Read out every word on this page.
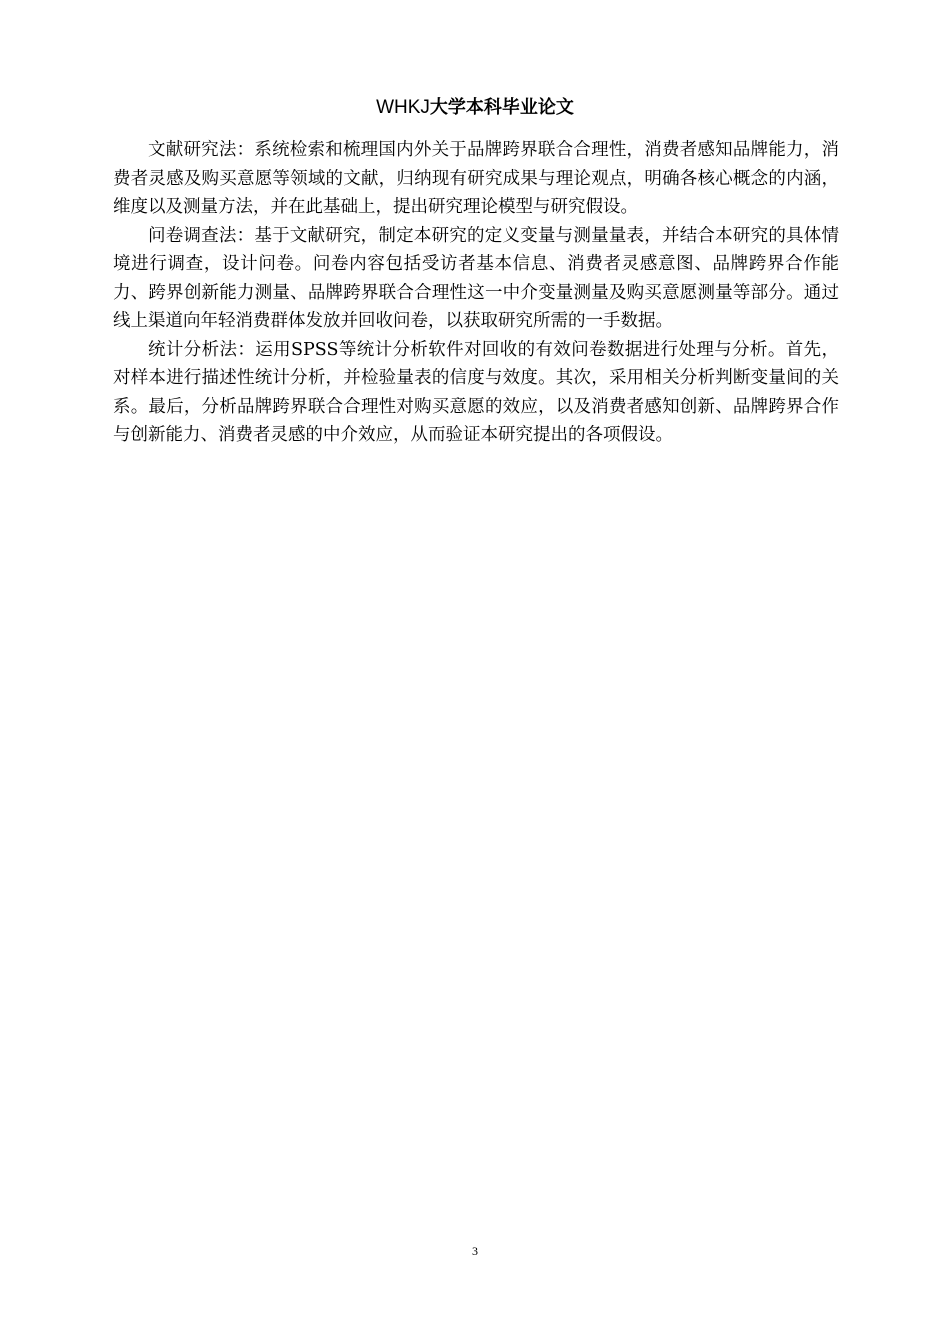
WHKJ大学本科毕业论文

文献研究法：系统检索和梳理国内外关于品牌跨界联合合理性，消费者感知品牌能力，消费者灵感及购买意愿等领域的文献，归纳现有研究成果与理论观点，明确各核心概念的内涵，维度以及测量方法，并在此基础上，提出研究理论模型与研究假设。

问卷调查法：基于文献研究，制定本研究的定义变量与测量量表，并结合本研究的具体情境进行调查，设计问卷。问卷内容包括受访者基本信息、消费者灵感意图、品牌跨界合作能力、跨界创新能力测量、品牌跨界联合合理性这一中介变量测量及购买意愿测量等部分。通过线上渠道向年轻消费群体发放并回收问卷，以获取研究所需的一手数据。

统计分析法：运用SPSS等统计分析软件对回收的有效问卷数据进行处理与分析。首先，对样本进行描述性统计分析，并检验量表的信度与效度。其次，采用相关分析判断变量间的关系。最后，分析品牌跨界联合合理性对购买意愿的效应，以及消费者感知创新、品牌跨界合作与创新能力、消费者灵感的中介效应，从而验证本研究提出的各项假设。

3
